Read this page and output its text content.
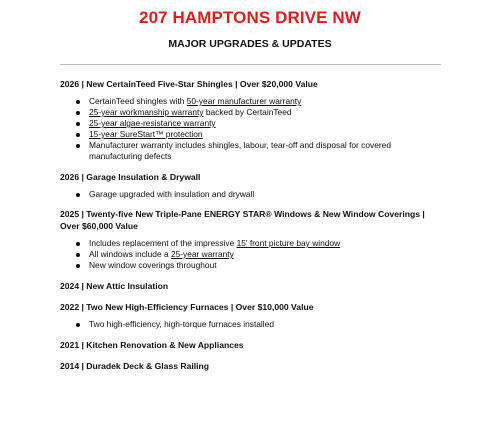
207 HAMPTONS DRIVE NW
MAJOR UPGRADES & UPDATES

2026 | New CertainTeed Five-Star Shingles | Over $20,000 Value

CertainTeed shingles with 50-year manufacturer warranty
25-year workmanship warranty backed by CertainTeed
25-year algae-resistance warranty
15-year SureStart™ protection
Manufacturer warranty includes shingles, labour, tear-off and disposal for covered manufacturing defects

2026 | Garage Insulation & Drywall

Garage upgraded with insulation and drywall

2025 | Twenty-five New Triple-Pane ENERGY STAR® Windows & New Window Coverings | Over $60,000 Value

Includes replacement of the impressive 15' front picture bay window
All windows include a 25-year warranty
New window coverings throughout

2024 | New Attic Insulation

2022 | Two New High-Efficiency Furnaces | Over $10,000 Value

Two high-efficiency, high-torque furnaces installed

2021 | Kitchen Renovation & New Appliances

2014 | Duradek Deck & Glass Railing
